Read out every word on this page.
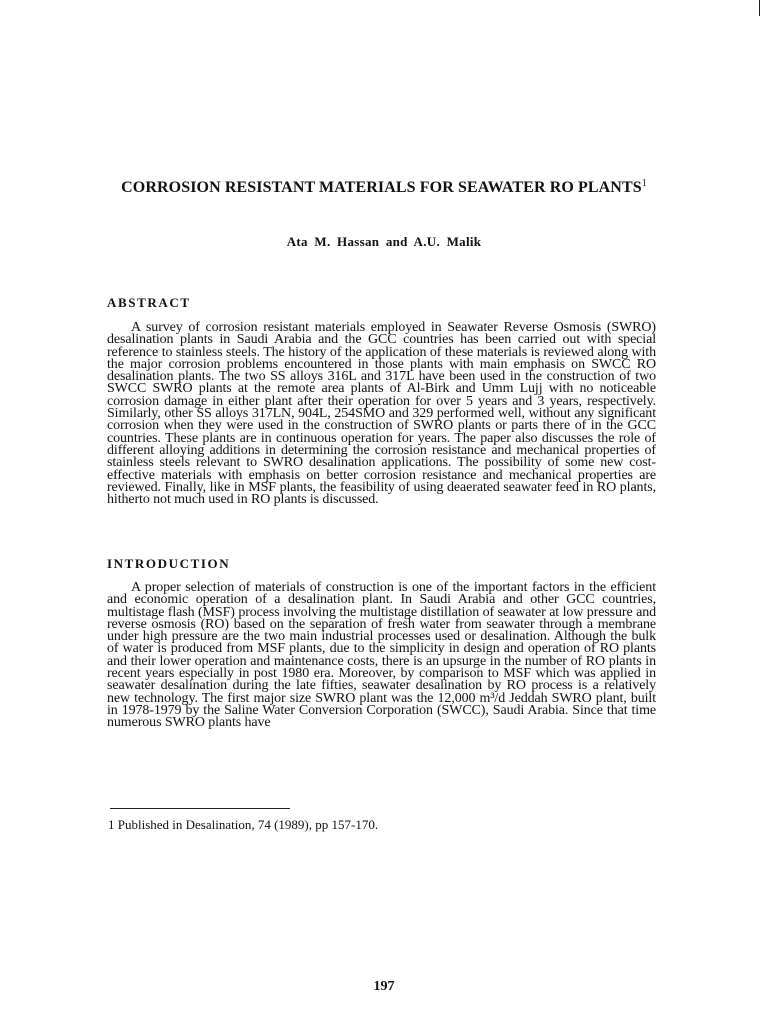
CORROSION RESISTANT MATERIALS FOR SEAWATER RO PLANTS$^1$
Ata M. Hassan and A.U. Malik
ABSTRACT
A survey of corrosion resistant materials employed in Seawater Reverse Osmosis (SWRO) desalination plants in Saudi Arabia and the GCC countries has been carried out with special reference to stainless steels. The history of the application of these materials is reviewed along with the major corrosion problems encountered in those plants with main emphasis on SWCC RO desalination plants. The two SS alloys 316L and 317L have been used in the construction of two SWCC SWRO plants at the remote area plants of Al-Birk and Umm Lujj with no noticeable corrosion damage in either plant after their operation for over 5 years and 3 years, respectively. Similarly, other SS alloys 317LN, 904L, 254SMO and 329 performed well, without any significant corrosion when they were used in the construction of SWRO plants or parts there of in the GCC countries. These plants are in continuous operation for years. The paper also discusses the role of different alloying additions in determining the corrosion resistance and mechanical properties of stainless steels relevant to SWRO desalination applications. The possibility of some new cost-effective materials with emphasis on better corrosion resistance and mechanical properties are reviewed. Finally, like in MSF plants, the feasibility of using deaerated seawater feed in RO plants, hitherto not much used in RO plants is discussed.
INTRODUCTION
A proper selection of materials of construction is one of the important factors in the efficient and economic operation of a desalination plant. In Saudi Arabia and other GCC countries, multistage flash (MSF) process involving the multistage distillation of seawater at low pressure and reverse osmosis (RO) based on the separation of fresh water from seawater through a membrane under high pressure are the two main industrial processes used or desalination. Although the bulk of water is produced from MSF plants, due to the simplicity in design and operation of RO plants and their lower operation and maintenance costs, there is an upsurge in the number of RO plants in recent years especially in post 1980 era. Moreover, by comparison to MSF which was applied in seawater desalination during the late fifties, seawater desalination by RO process is a relatively new technology. The first major size SWRO plant was the 12,000 m³/d Jeddah SWRO plant, built in 1978-1979 by the Saline Water Conversion Corporation (SWCC), Saudi Arabia. Since that time numerous SWRO plants have
1 Published in Desalination, 74 (1989), pp 157-170.
197
